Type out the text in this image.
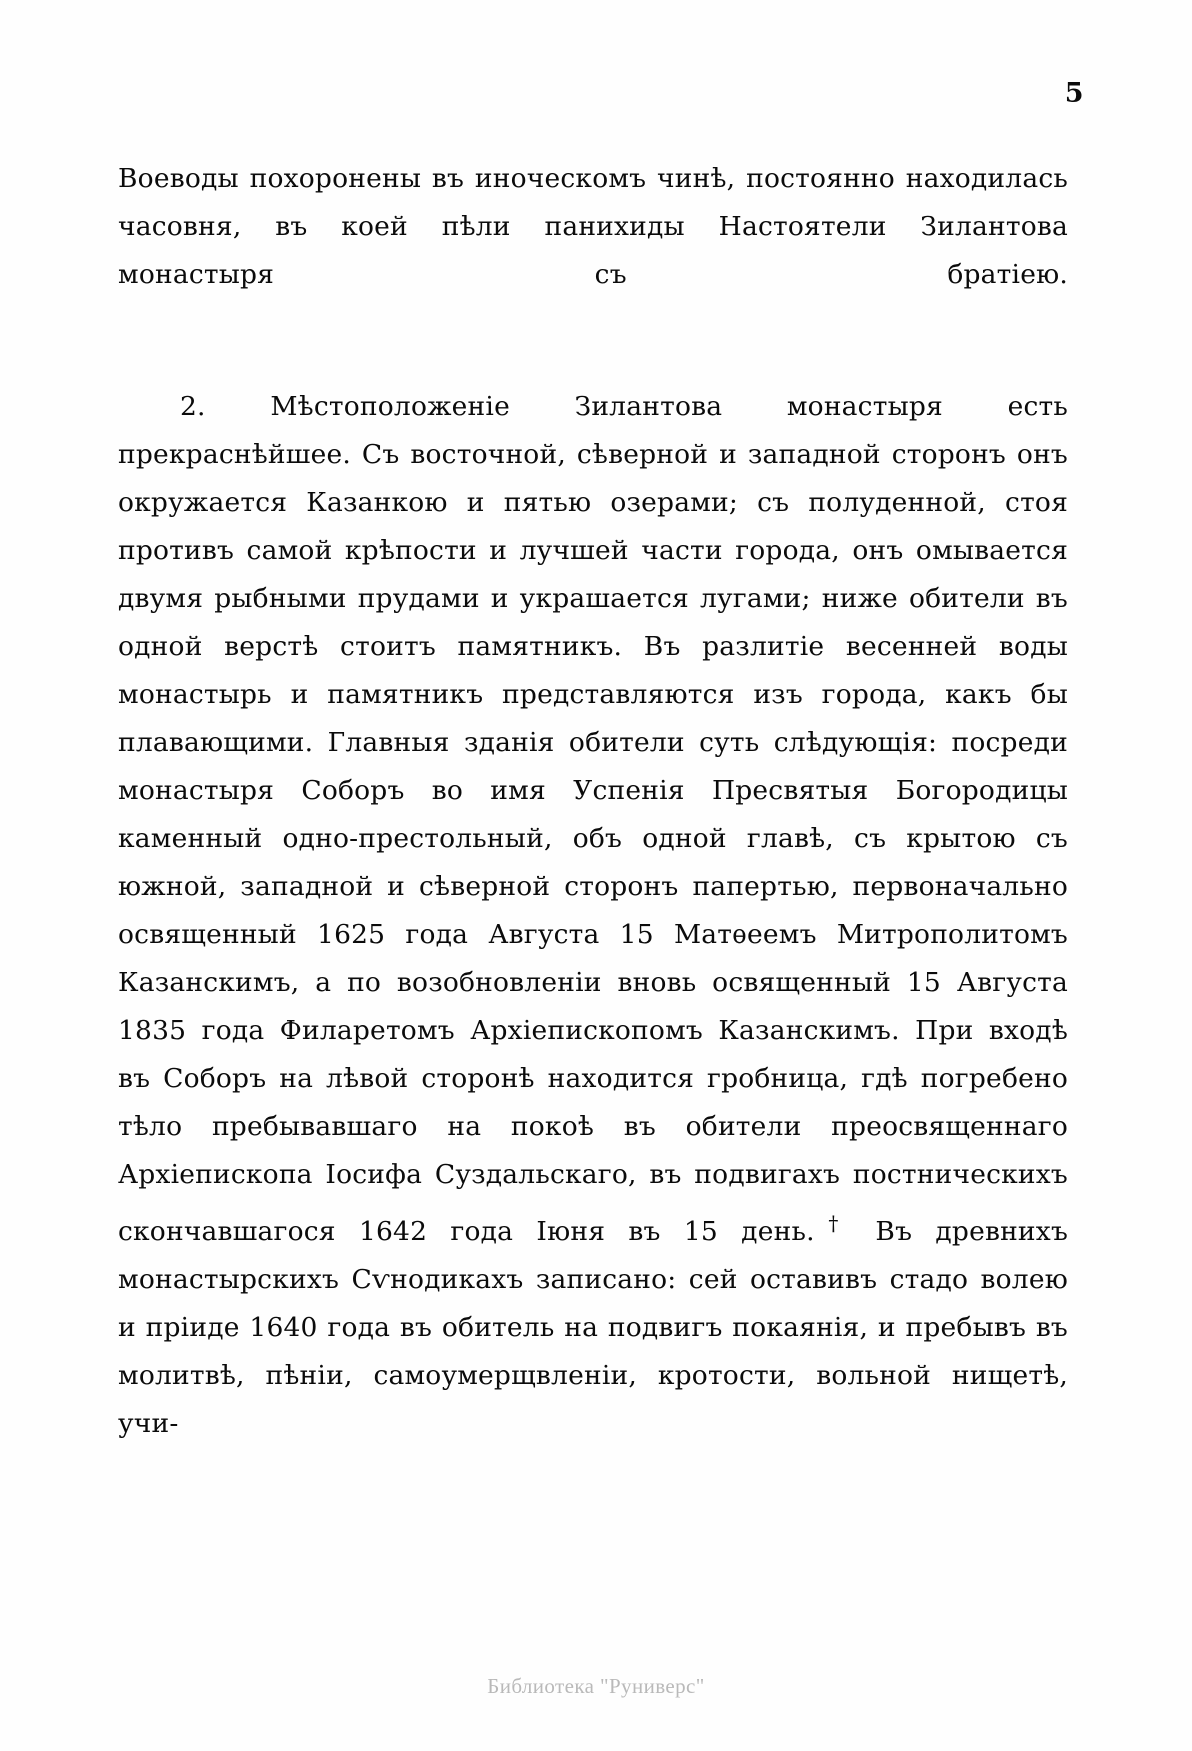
5

Воеводы похоронены въ иноческомъ чинѣ, постоянно находилась часовня, въ коей пѣли панихиды Настоятели Зилантова монастыря съ братіею.

2. Мѣстоположеніе Зилантова монастыря есть прекраснѣйшее. Съ восточной, сѣверной и западной сторонъ онъ окружается Казанкою и пятью озерами; съ полуденной, стоя противъ самой крѣпости и лучшей части города, онъ омывается двумя рыбными прудами и украшается лугами; ниже обители въ одной верстѣ стоитъ памятникъ. Въ разлитіе весенней воды монастырь и памятникъ представляются изъ города, какъ бы плавающими. Главныя зданія обители суть слѣдующія: посреди монастыря Соборъ во имя Успенія Пресвятыя Богородицы каменный одно-престольный, объ одной главѣ, съ крытою съ южной, западной и сѣверной сторонъ папертью, первоначально освященный 1625 года Августа 15 Матѳеемъ Митрополитомъ Казанскимъ, а по возобновленіи вновь освященный 15 Августа 1835 года Филаретомъ Архіепископомъ Казанскимъ. При входѣ въ Соборъ на лѣвой сторонѣ находится гробница, гдѣ погребено тѣло пребывавшаго на покоѣ въ обители преосвященнаго Архіепископа Іосифа Суздальскаго, въ подвигахъ постническихъ скончавшагося 1642 года Іюня въ 15 день.† Въ древнихъ монастырскихъ Сѵнодикахъ записано: сей оставивъ стадо волею и пріиде 1640 года въ обитель на подвигъ покаянія, и пребывъ въ молитвѣ, пѣніи, самоумерщвленіи, кротости, вольной нищетѣ, учи-

Библиотека "Руниверс"
